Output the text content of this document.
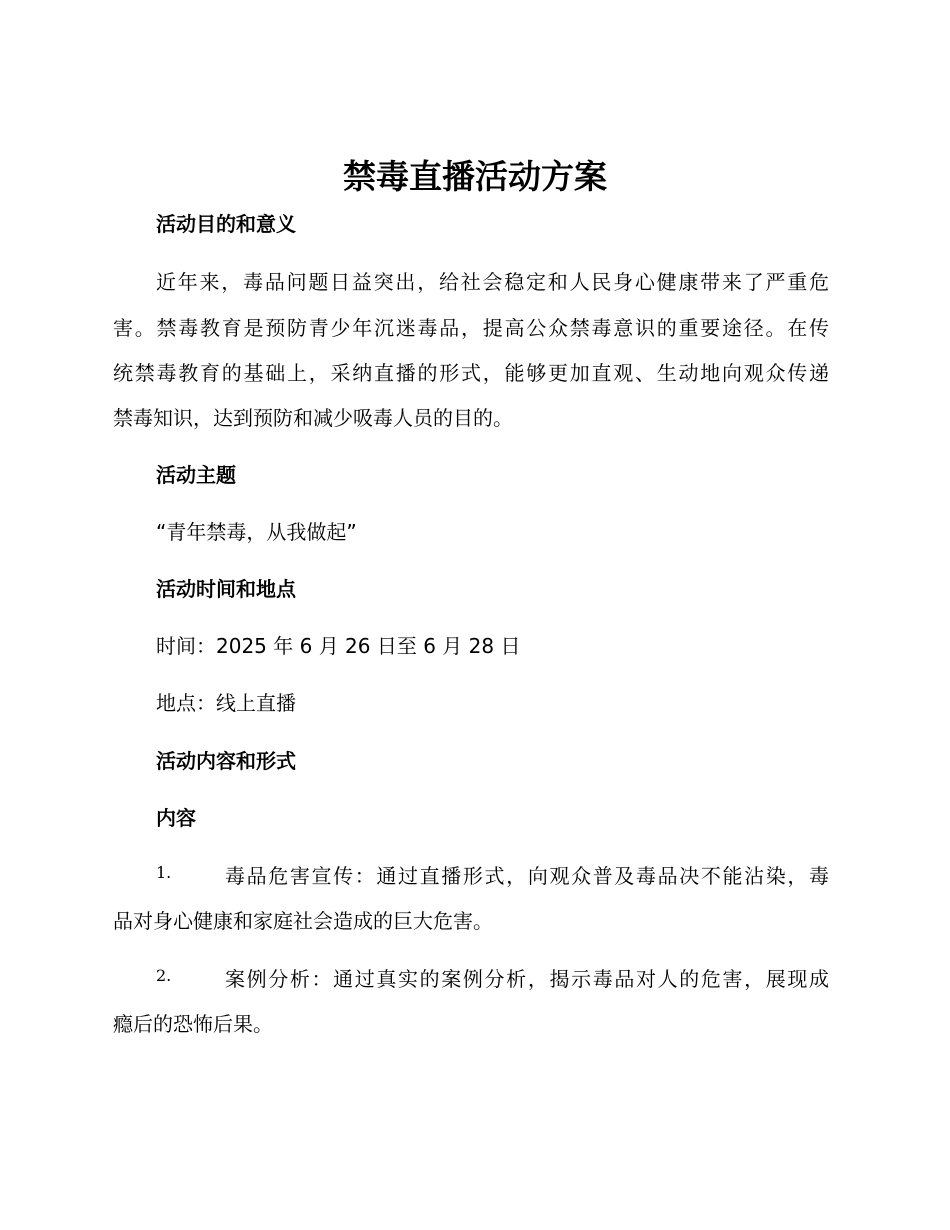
禁毒直播活动方案
活动目的和意义
近年来，毒品问题日益突出，给社会稳定和人民身心健康带来了严重危
害。禁毒教育是预防青少年沉迷毒品，提高公众禁毒意识的重要途径。在传
统禁毒教育的基础上，采纳直播的形式，能够更加直观、生动地向观众传递
禁毒知识，达到预防和减少吸毒人员的目的。
活动主题
“青年禁毒，从我做起”
活动时间和地点
时间：2025 年 6 月 26 日至 6 月 28 日
地点：线上直播
活动内容和形式
内容
1.	毒品危害宣传：通过直播形式，向观众普及毒品决不能沾染，毒
品对身心健康和家庭社会造成的巨大危害。
2.	案例分析：通过真实的案例分析，揭示毒品对人的危害，展现成
瘾后的恐怖后果。
